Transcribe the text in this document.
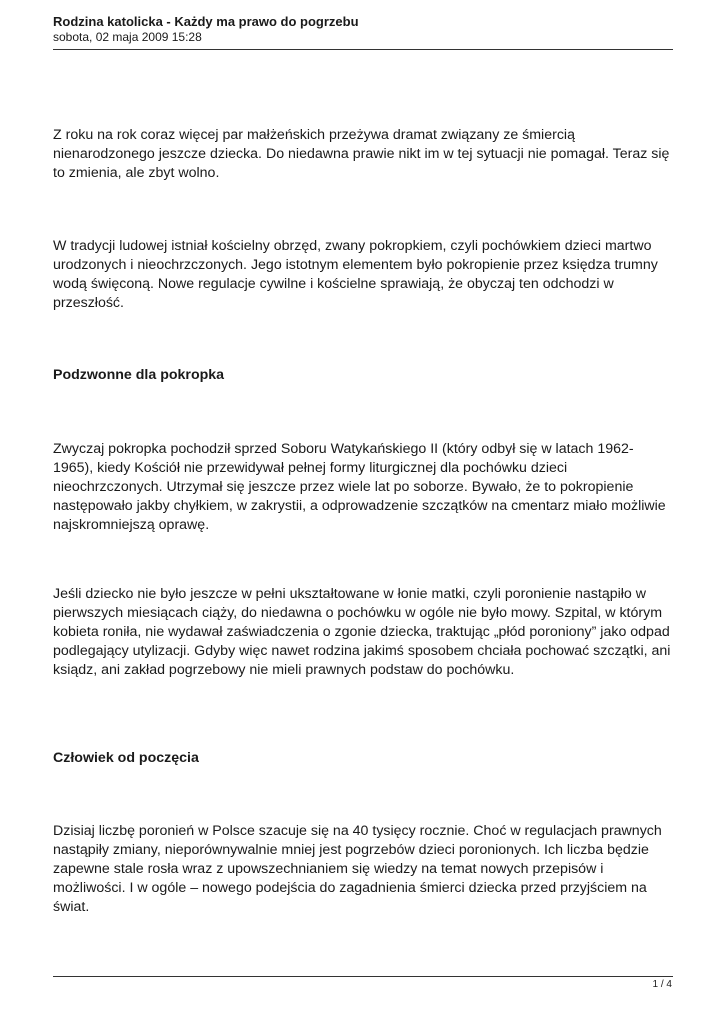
Rodzina katolicka - Każdy ma prawo do pogrzebu

sobota, 02 maja 2009 15:28

Z roku na rok coraz więcej par małżeńskich przeżywa dramat związany ze śmiercią nienarodzonego jeszcze dziecka. Do niedawna prawie nikt im w tej sytuacji nie pomagał. Teraz się to zmienia, ale zbyt wolno.

W tradycji ludowej istniał kościelny obrzęd, zwany pokropkiem, czyli pochówkiem dzieci martwo urodzonych i nieochrzczonych. Jego istotnym elementem było pokropienie przez księdza trumny wodą święconą. Nowe regulacje cywilne i kościelne sprawiają, że obyczaj ten odchodzi w przeszłość.

Podzwonne dla pokropka

Zwyczaj pokropka pochodził sprzed Soboru Watykańskiego II (który odbył się w latach 1962-1965), kiedy Kościół nie przewidywał pełnej formy liturgicznej dla pochówku dzieci nieochrzczonych. Utrzymał się jeszcze przez wiele lat po soborze. Bywało, że to pokropienie następowało jakby chyłkiem, w zakrystii, a odprowadzenie szczątków na cmentarz miało możliwie najskromniejszą oprawę.

Jeśli dziecko nie było jeszcze w pełni ukształtowane w łonie matki, czyli poronienie nastąpiło w pierwszych miesiącach ciąży, do niedawna o pochówku w ogóle nie było mowy. Szpital, w którym kobieta roniła, nie wydawał zaświadczenia o zgonie dziecka, traktując „płód poroniony” jako odpad podlegający utylizacji. Gdyby więc nawet rodzina jakimś sposobem chciała pochować szczątki, ani ksiądz, ani zakład pogrzebowy nie mieli prawnych podstaw do pochówku.

Człowiek od poczęcia

Dzisiaj liczbę poronień w Polsce szacuje się na 40 tysięcy rocznie. Choć w regulacjach prawnych nastąpiły zmiany, nieporównywalnie mniej jest pogrzebów dzieci poronionych. Ich liczba będzie zapewne stale rosła wraz z upowszechnianiem się wiedzy na temat nowych przepisów i możliwości. I w ogóle – nowego podejścia do zagadnienia śmierci dziecka przed przyjściem na świat.

1 / 4
